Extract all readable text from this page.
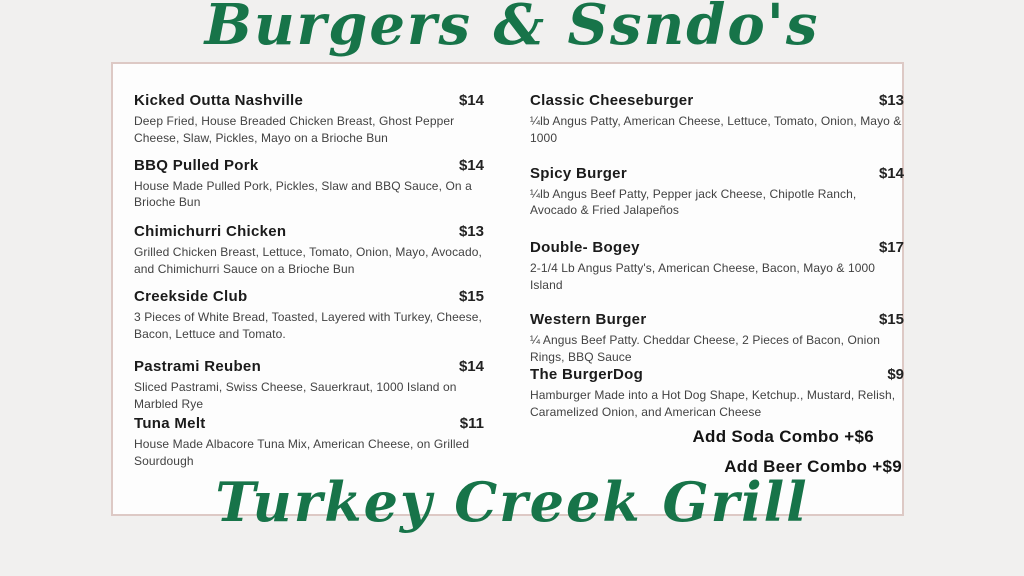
Burgers & Ssndo's
Kicked Outta Nashville	$14

Deep Fried, House Breaded Chicken Breast, Ghost Pepper Cheese, Slaw, Pickles, Mayo on a Brioche Bun

BBQ Pulled Pork	$14

House Made Pulled Pork, Pickles, Slaw and BBQ Sauce, On a Brioche Bun

Chimichurri Chicken	$13

Grilled Chicken Breast, Lettuce, Tomato, Onion, Mayo, Avocado, and Chimichurri Sauce on a Brioche Bun

Creekside Club	$15

3 Pieces of White Bread, Toasted, Layered with Turkey, Cheese, Bacon, Lettuce and Tomato.

Pastrami Reuben	$14

Sliced Pastrami, Swiss Cheese, Sauerkraut, 1000 Island on Marbled Rye

Tuna Melt	$11

House Made Albacore Tuna Mix, American Cheese, on Grilled Sourdough

Classic Cheeseburger	$13

¼lb Angus Patty, American Cheese, Lettuce, Tomato, Onion, Mayo & 1000

Spicy Burger	$14

¼lb Angus Beef Patty, Pepper jack Cheese, Chipotle Ranch, Avocado & Fried Jalapeños

Double- Bogey	$17

2-1/4 Lb Angus Patty's, American Cheese, Bacon, Mayo & 1000 Island

Western Burger	$15

¼ Angus Beef Patty. Cheddar Cheese, 2 Pieces of Bacon, Onion Rings, BBQ Sauce

The BurgerDog	$9

Hamburger Made into a Hot Dog Shape, Ketchup., Mustard, Relish, Caramelized Onion, and American Cheese

Add Soda Combo +$6
Add Beer Combo +$9
Turkey Creek Grill
